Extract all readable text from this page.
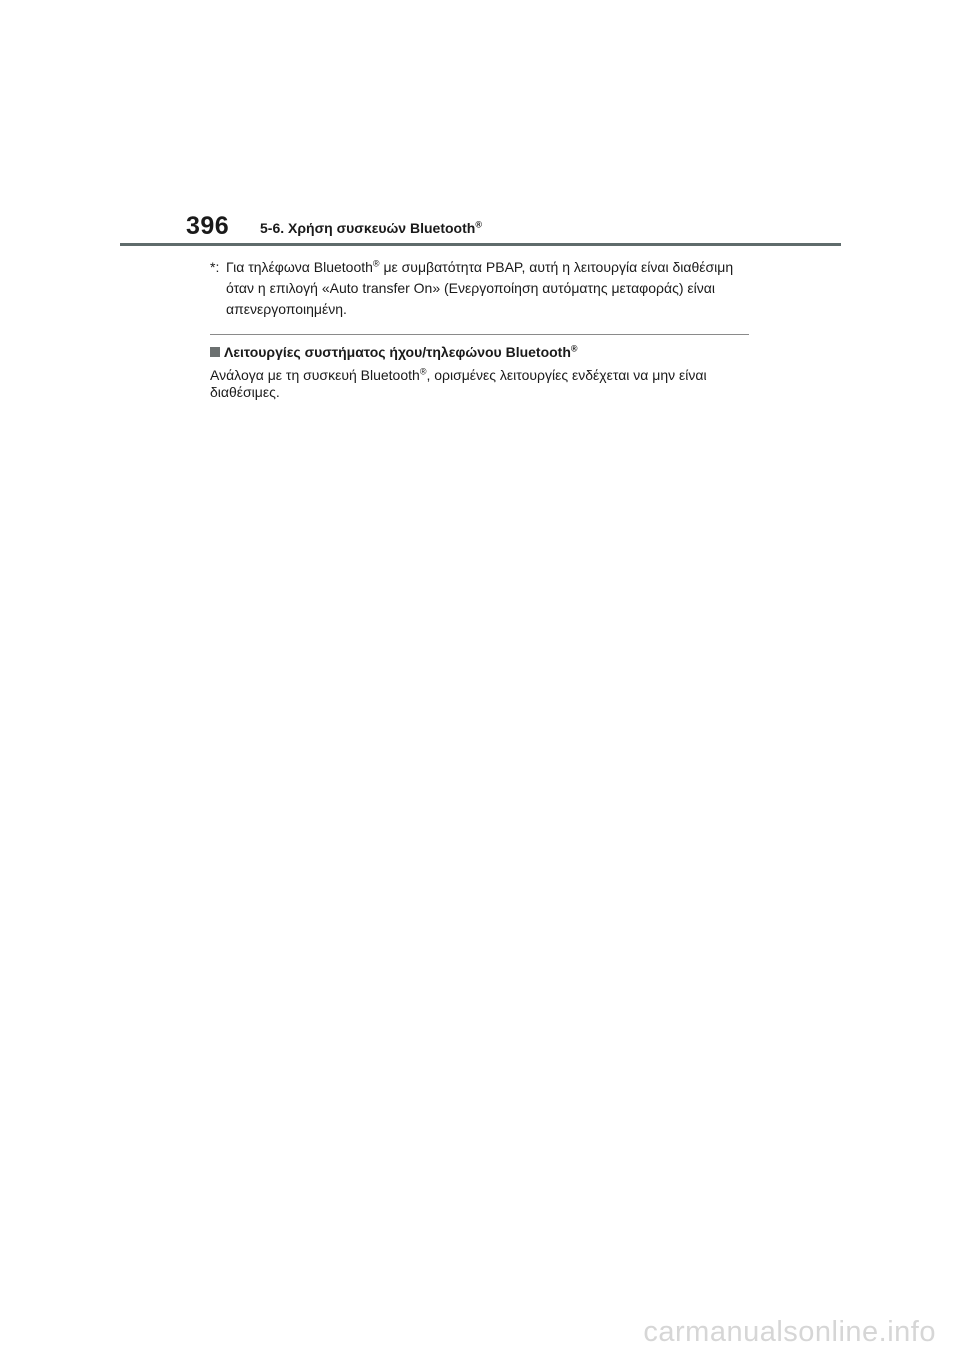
396 5-6. Χρήση συσκευών Bluetooth®
*: Για τηλέφωνα Bluetooth® με συμβατότητα PBAP, αυτή η λειτουργία είναι διαθέσιμη όταν η επιλογή «Auto transfer On» (Ενεργοποίηση αυτόματης μεταφοράς) είναι απενεργοποιημένη.
Λειτουργίες συστήματος ήχου/τηλεφώνου Bluetooth®
Ανάλογα με τη συσκευή Bluetooth®, ορισμένες λειτουργίες ενδέχεται να μην είναι διαθέσιμες.
carmanualsonline.info
